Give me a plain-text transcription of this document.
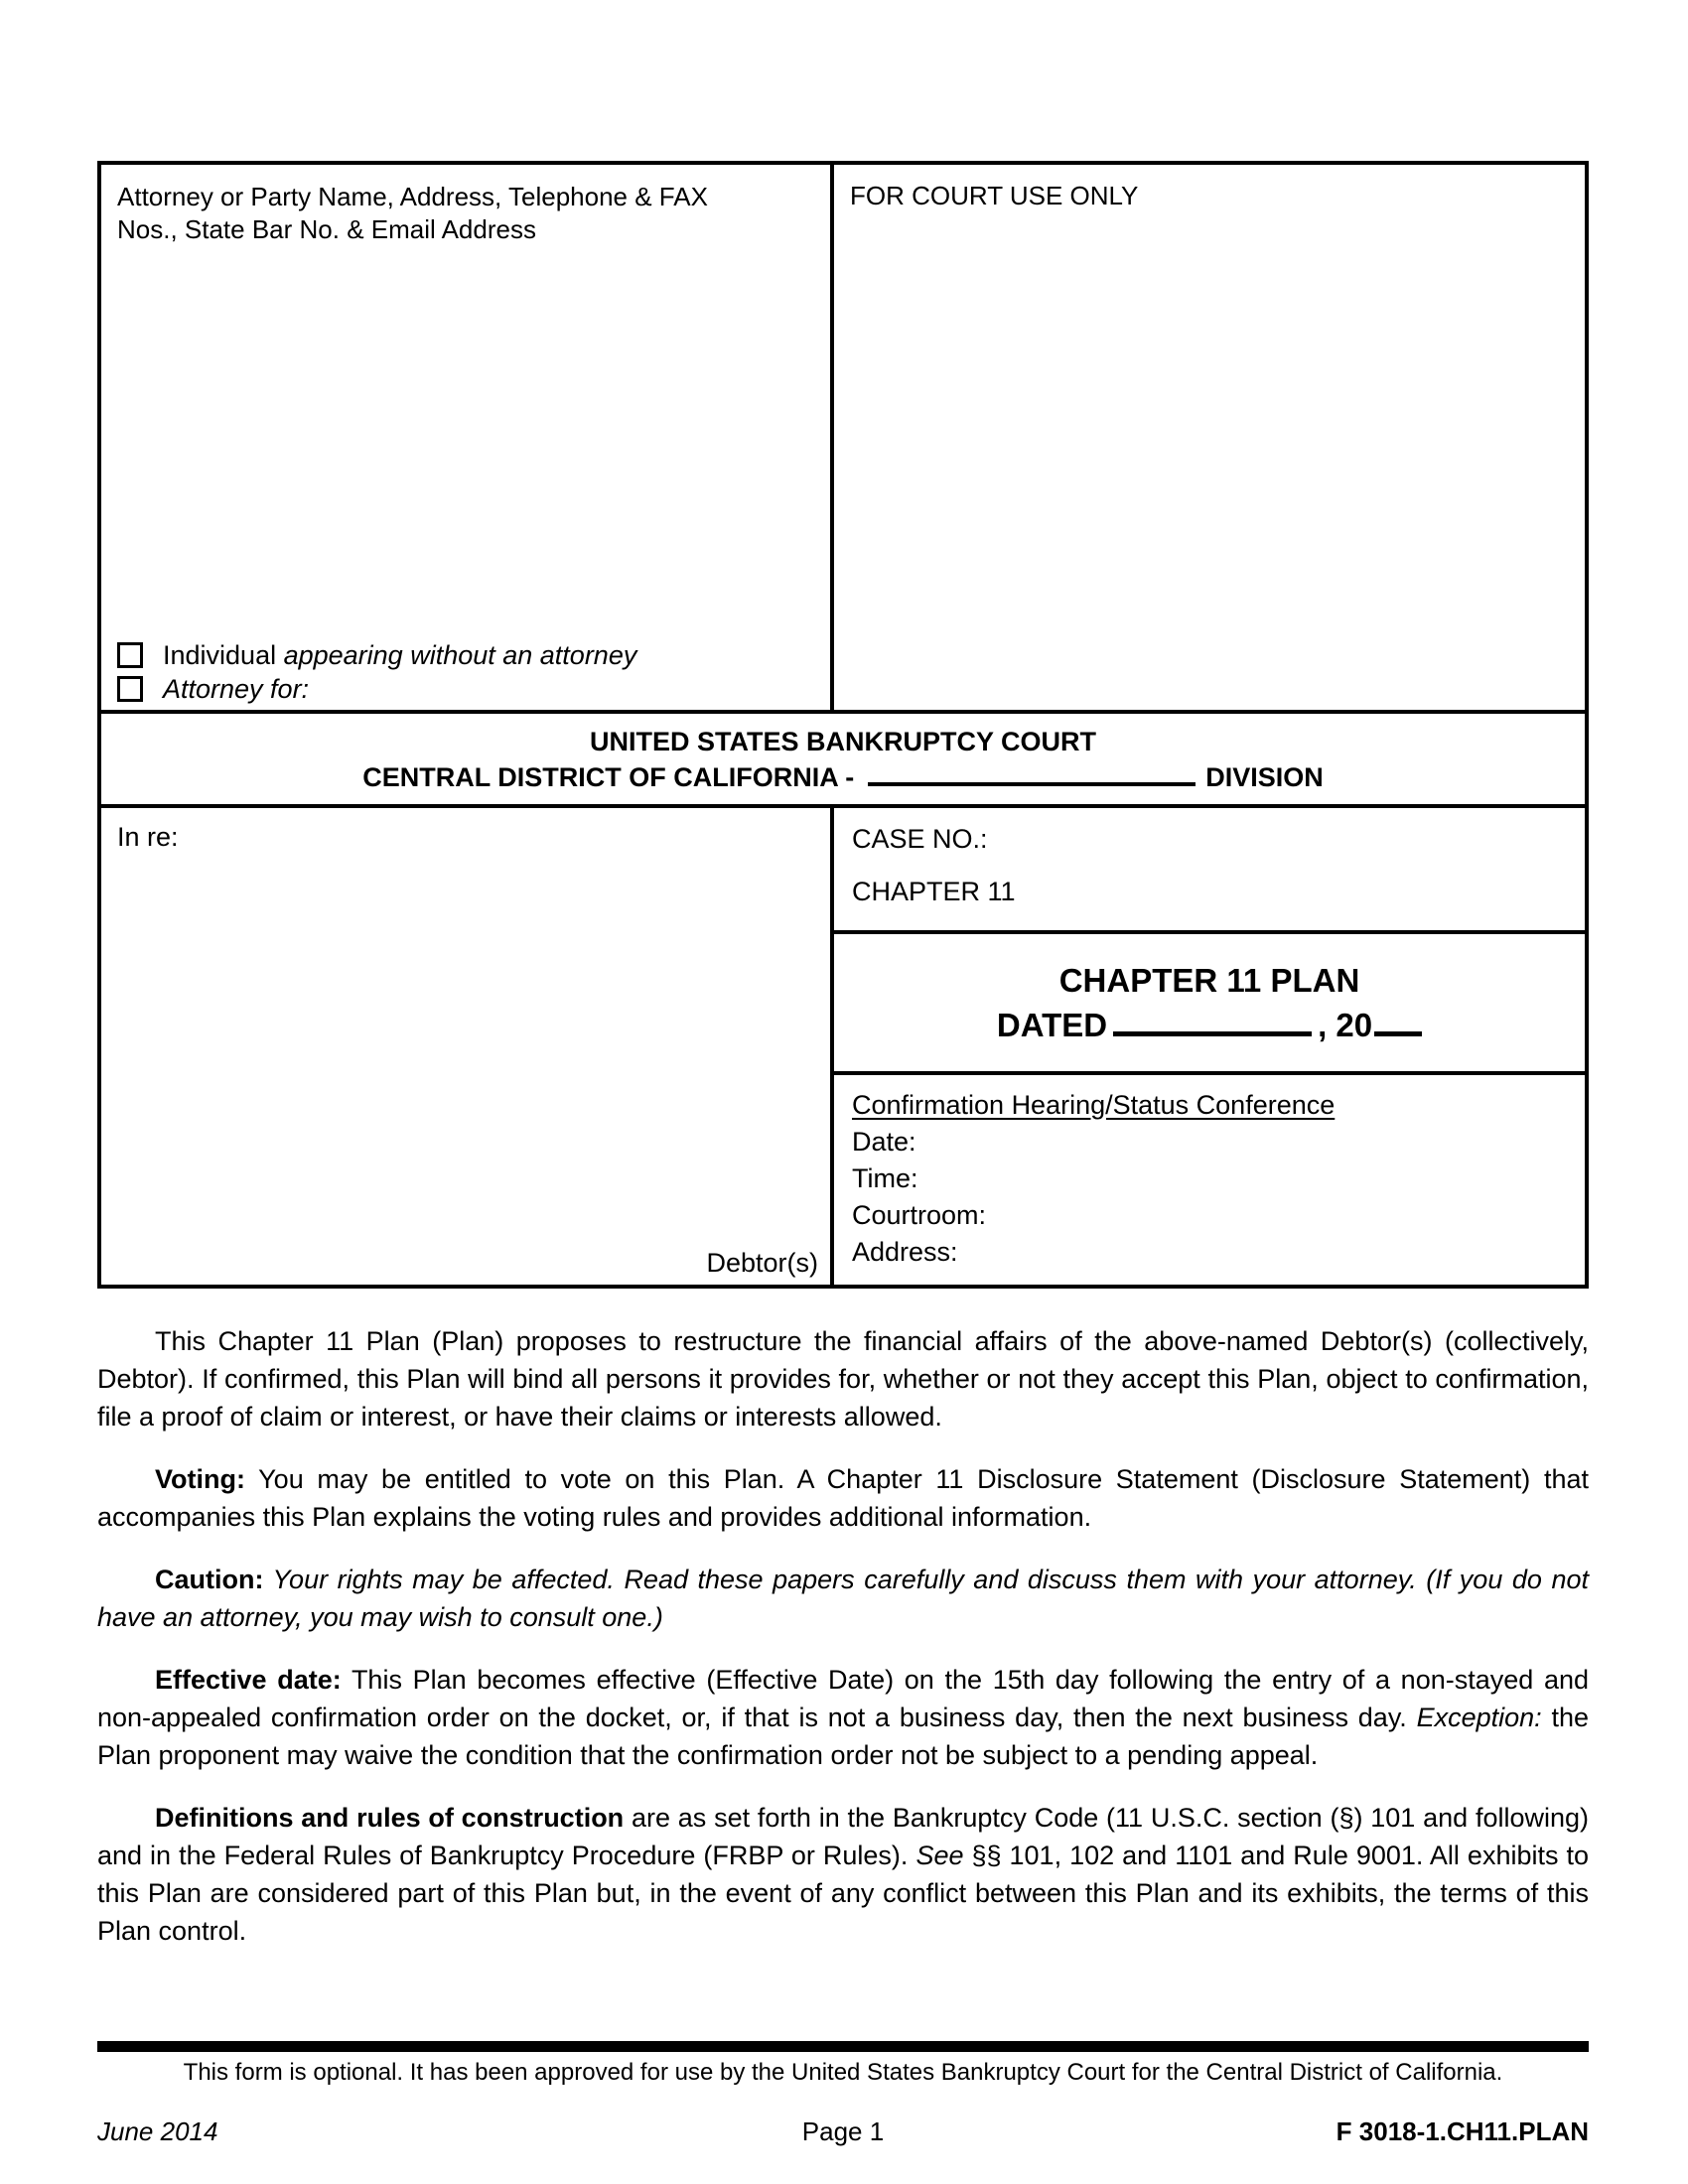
Attorney or Party Name, Address, Telephone & FAX Nos., State Bar No. & Email Address
Individual appearing without an attorney
Attorney for:
FOR COURT USE ONLY
UNITED STATES BANKRUPTCY COURT
CENTRAL DISTRICT OF CALIFORNIA -	DIVISION
In re:
Debtor(s)
CASE NO.:
CHAPTER 11
CHAPTER 11 PLAN
DATED	, 20
Confirmation Hearing/Status Conference
Date:
Time:
Courtroom:
Address:

This Chapter 11 Plan (Plan) proposes to restructure the financial affairs of the above-named Debtor(s) (collectively, Debtor). If confirmed, this Plan will bind all persons it provides for, whether or not they accept this Plan, object to confirmation, file a proof of claim or interest, or have their claims or interests allowed.

Voting: You may be entitled to vote on this Plan. A Chapter 11 Disclosure Statement (Disclosure Statement) that accompanies this Plan explains the voting rules and provides additional information.

Caution: Your rights may be affected. Read these papers carefully and discuss them with your attorney. (If you do not have an attorney, you may wish to consult one.)

Effective date: This Plan becomes effective (Effective Date) on the 15th day following the entry of a non-stayed and non-appealed confirmation order on the docket, or, if that is not a business day, then the next business day. Exception: the Plan proponent may waive the condition that the confirmation order not be subject to a pending appeal.

Definitions and rules of construction are as set forth in the Bankruptcy Code (11 U.S.C. section (§) 101 and following) and in the Federal Rules of Bankruptcy Procedure (FRBP or Rules). See §§ 101, 102 and 1101 and Rule 9001. All exhibits to this Plan are considered part of this Plan but, in the event of any conflict between this Plan and its exhibits, the terms of this Plan control.

This form is optional. It has been approved for use by the United States Bankruptcy Court for the Central District of California.
June 2014	Page 1	F 3018-1.CH11.PLAN
